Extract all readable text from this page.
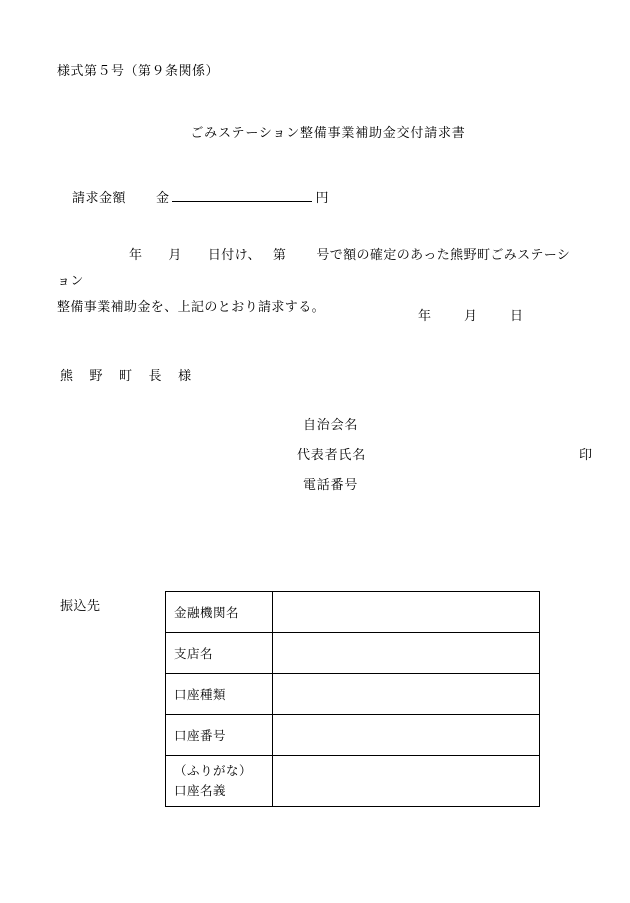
様式第５号（第９条関係）
ごみステーション整備事業補助金交付請求書
請求金額 金	円
年 月 日付け、 第 号で額の確定のあった熊野町ごみステーション
整備事業補助金を、上記のとおり請求する。
年 月 日
熊 野 町 長 様
自治会名
代表者氏名	印
電話番号
振込先	金融機関名	
支店名	
口座種類	
口座番号	

（ふりがな）
口座名義	
